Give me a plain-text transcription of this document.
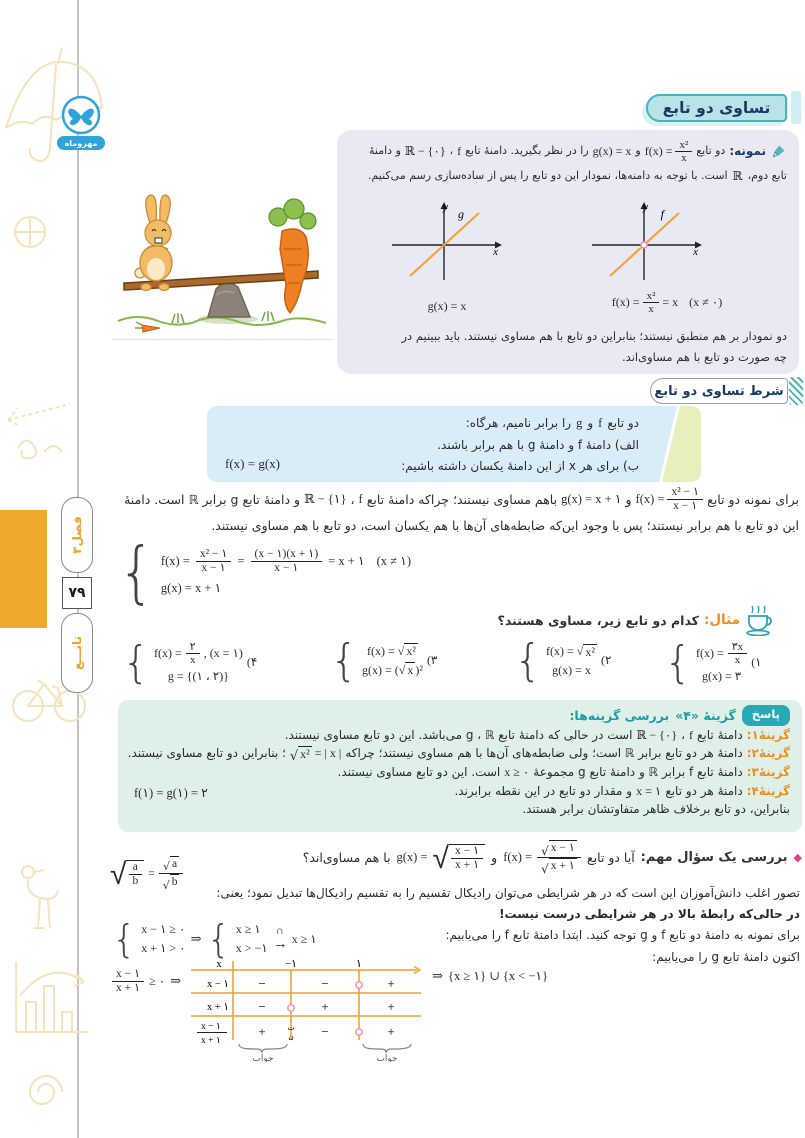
مهروماه
فصل۳
۷۹
تابـــع
تساوی دو تابع
نمونه:
دو تابع
$f(x) = \frac{\text{x²}}{x}$
و
g(x) = x
را در نظر بگیرید. دامنهٔ تابع
f
،
ℝ − {٠}
و دامنهٔ
تابع دوم،
ℝ
است. با توجه به دامنه‌ها، نمودار این دو تابع را پس از ساده‌سازی رسم می‌کنیم.
x
y f
x
y g
$f(x) = \frac{\text{x²}}{x} = x$ (x ≠ ٠)
g(x) = x
دو نمودار بر هم منطبق نیستند؛ بنابراین دو تابع با هم مساوی نیستند. باید ببینیم در
چه صورت دو تابع با هم مساوی‌اند.
شرط تساوی دو تابع
دو تابع
f
و
g
را برابر نامیم، هرگاه:
الف) دامنهٔ f و دامنهٔ g با هم برابر باشند.
ب) برای هر x از این دامنهٔ یکسان داشته باشیم:
f(x) = g(x)
برای نمونه دو تابع
$f(x) = \frac{\text{x² − ۱}}{x - ۱}$
و
g(x) = x + ۱
باهم مساوی نیستند؛ چراکه دامنهٔ تابع
f
،
ℝ − {۱}
و دامنهٔ تابع g برابر ℝ است. دامنهٔ
این دو تابع با هم برابر نیستند؛ پس با وجود این‌که ضابطه‌های آن‌ها با هم یکسان است، دو تابع با هم مساوی نیستند.
{ $f(x) = \frac{\text{x² − ۱}}{x - ۱} = \frac{(x - ۱)(x + ۱)}{x - ۱} = x$ + ۱ (x ≠ ۱)
g(x) = x + ۱
مثال:
کدام دو تابع زیر، مساوی هستند؟
{ $f(x) = \frac{۳x}{x}$
g(x) = ۳
(۱
{ f(x) = √ x²
g(x) = x
(۲
{ f(x) = √ x²
g(x) = (√ x )²
(۳
{ $f(x) = \frac{۲}{x}$ , (x = ۱)
g = {(۱ ، ۲)}
(۴
پاسخ
گزینهٔ «۴»
بررسی گزینه‌ها:
گزینهٔ۱:
دامنهٔ تابع
f
،
ℝ − {٠}
است در حالی که دامنهٔ تابع g ، ℝ می‌باشد. این دو تابع مساوی نیستند.
گزینهٔ۲:
دامنهٔ هر دو تابع برابر ℝ است؛ ولی ضابطه‌های آن‌ها با هم مساوی نیستند؛ چراکه
√ x² = | x |
؛ بنابراین دو تابع مساوی نیستند.
گزینهٔ۳:
دامنهٔ تابع f برابر ℝ و دامنهٔ تابع g مجموعهٔ
x ≥ ٠
است. این دو تابع مساوی نیستند.
گزینهٔ۴:
دامنهٔ هر دو تابع
x = ۱
و مقدار دو تابع در این نقطه برابرند.
بنابراین، دو تابع برخلاف ظاهر متفاوتشان برابر هستند.
f(۱) = g(۱) = ۲
◆
بررسی یک سؤال مهم:
آیا دو تابع
$f(x) = \frac{√ x - ۱}{√ x + ۱}$
و
g(x) = √ $\frac{x - ۱}{x + ۱}$
با هم مساوی‌اند؟
√ $\frac{a}{b} = \frac{√ a}{√ b}$
تصور اغلب دانش‌آموزان این است که در هر شرایطی می‌توان رادیکال تقسیم را به تقسیم رادیکال‌ها تبدیل نمود؛ یعنی:
در حالی‌که رابطهٔ بالا در هر شرایطی درست نیست!
برای نمونه به دامنهٔ دو تابع f و g توجه کنید. ابتدا دامنهٔ تابع f را می‌یابیم:
اکنون دامنهٔ تابع g را می‌یابیم:
{ x − ۱ ≥ ٠
x + ۱ > ٠
⇒ { x ≥ ۱
x > −۱
∩
→ x ≥ ۱
$\frac{x - ۱}{x + ۱}$ ≥ ٠ ⇒
x	−۱	۱
x − ۱ −	−	+
x + ۱ −	+	+
x − ۱
x + ۱
+	−	+
ت
ن
جواب	جواب
⇒ {x ≥ ۱} ∪ {x < −۱}
